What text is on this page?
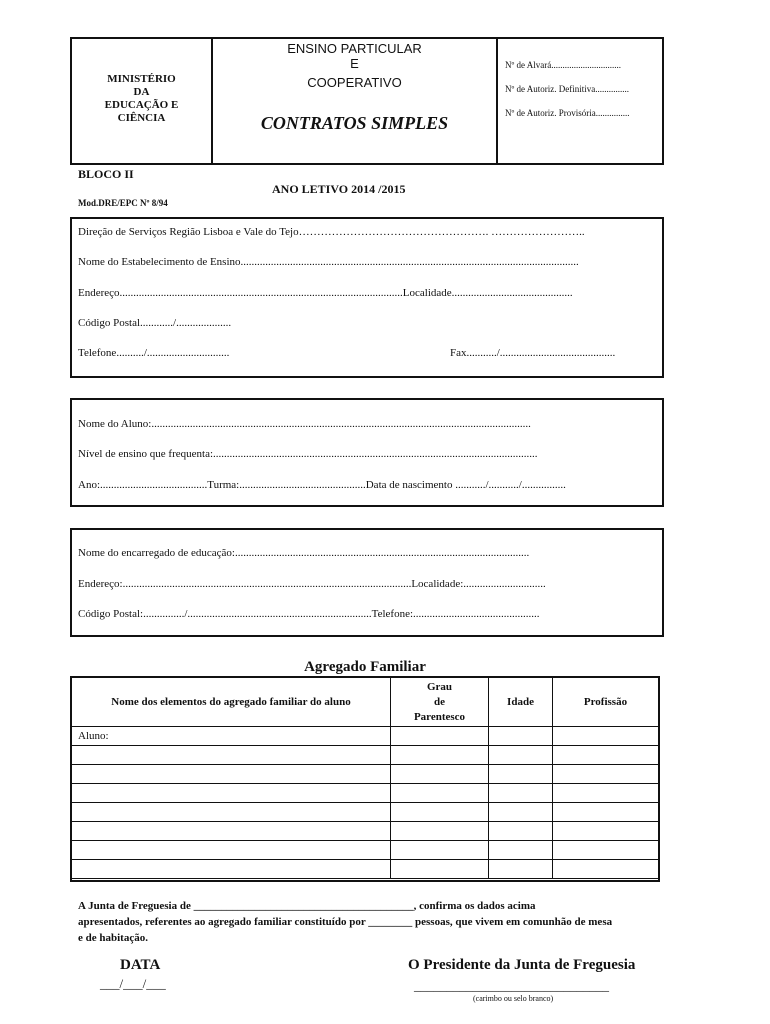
MINISTÉRIO
DA
EDUCAÇÃO E
CIÊNCIA
ENSINO PARTICULAR
E
COOPERATIVO
CONTRATOS SIMPLES
Nº de Alvará...............................
Nº de Autoriz. Definitiva...............
Nº de Autoriz. Provisória...............
BLOCO II
ANO LETIVO 2014 /2015
Mod.DRE/EPC Nº 8/94
Direção de Serviços Região Lisboa e Vale do Tejo……………………………………………. ……………………..
Nome do Estabelecimento de Ensino...........................................................................................................................
Endereço.......................................................................................................Localidade............................................
Código Postal............/....................
Telefone........../..............................	Fax.........../..........................................
Nome do Aluno:..........................................................................................................................................
Nível de ensino que frequenta:......................................................................................................................
Ano:.......................................Turma:..............................................Data de nascimento .........../.........../................
Nome do encarregado de educação:...........................................................................................................
Endereço:.........................................................................................................Localidade:..............................
Código Postal:.............../...................................................................Telefone:..............................................
Agregado Familiar
Nome dos elementos do agregado familiar do aluno	Grau
de
Parentesco	Idade	Profissão
Aluno:			

A Junta de Freguesia de ________________________________________, confirma os dados acima
apresentados, referentes ao agregado familiar constituído por ________ pessoas, que vivem em comunhão de mesa
e de habitação.
DATA
___/___/___
O Presidente da Junta de Freguesia
______________________________
(carimbo ou selo branco)
